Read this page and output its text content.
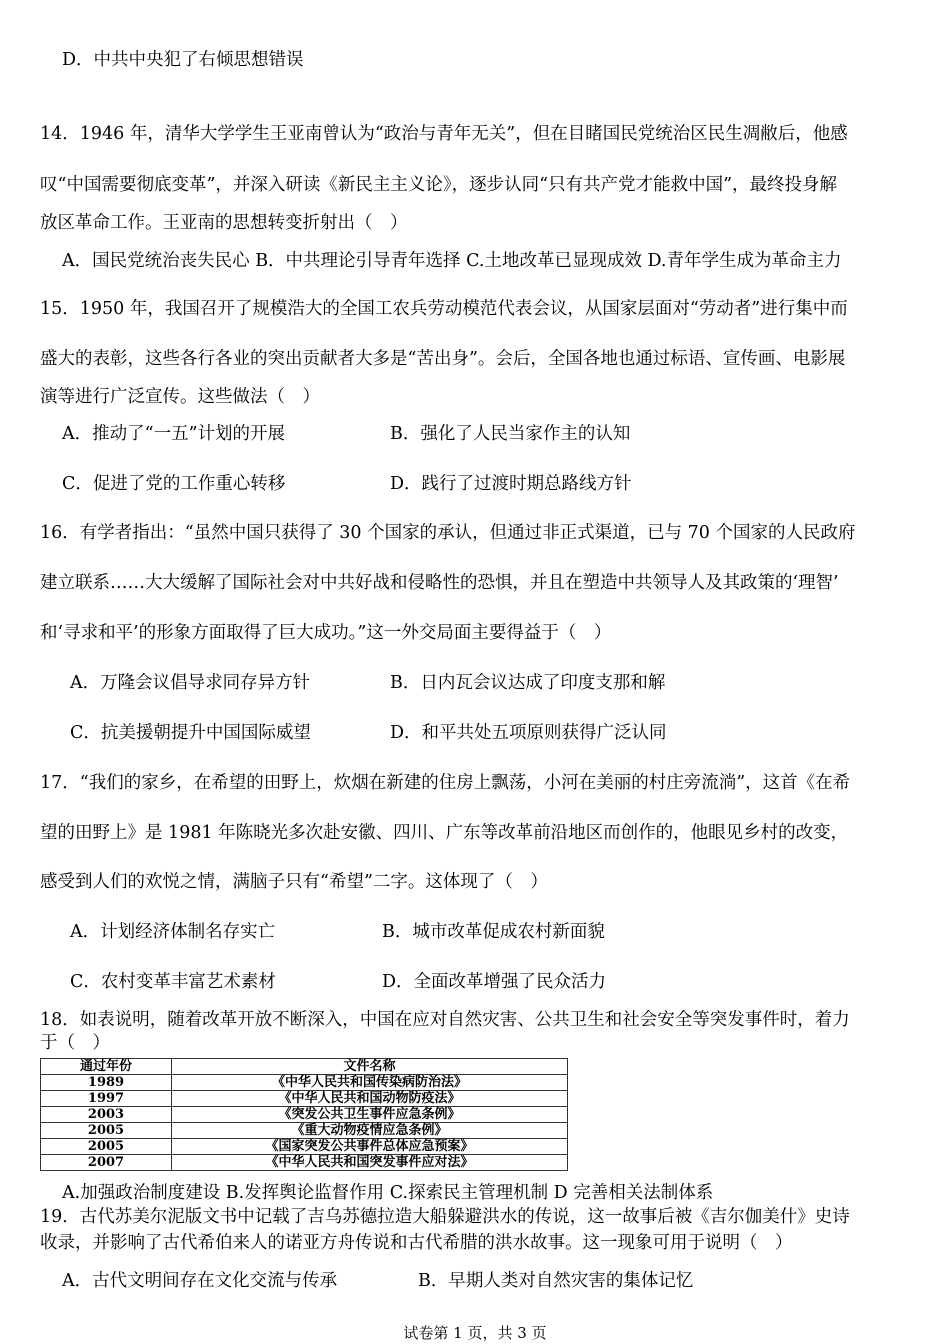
D．中共中央犯了右倾思想错误
14．1946 年，清华大学学生王亚南曾认为“政治与青年无关”，但在目睹国民党统治区民生凋敝后，他感
叹“中国需要彻底变革”，并深入研读《新民主主义论》，逐步认同“只有共产党才能救中国”，最终投身解
放区革命工作。王亚南的思想转变折射出（　）
A．国民党统治丧失民心 B．中共理论引导青年选择 C.土地改革已显现成效 D.青年学生成为革命主力
15．1950 年，我国召开了规模浩大的全国工农兵劳动模范代表会议，从国家层面对“劳动者”进行集中而
盛大的表彰，这些各行各业的突出贡献者大多是“苦出身”。会后，全国各地也通过标语、宣传画、电影展
演等进行广泛宣传。这些做法（　）
A．推动了“一五”计划的开展	B．强化了人民当家作主的认知
C．促进了党的工作重心转移	D．践行了过渡时期总路线方针
16．有学者指出：“虽然中国只获得了 30 个国家的承认，但通过非正式渠道，已与 70 个国家的人民政府
建立联系……大大缓解了国际社会对中共好战和侵略性的恐惧，并且在塑造中共领导人及其政策的‘理智’
和‘寻求和平’的形象方面取得了巨大成功。”这一外交局面主要得益于（　）
A．万隆会议倡导求同存异方针	B．日内瓦会议达成了印度支那和解
C．抗美援朝提升中国国际威望	D．和平共处五项原则获得广泛认同
17．“我们的家乡，在希望的田野上，炊烟在新建的住房上飘荡，小河在美丽的村庄旁流淌”，这首《在希
望的田野上》是 1981 年陈晓光多次赴安徽、四川、广东等改革前沿地区而创作的，他眼见乡村的改变，
感受到人们的欢悦之情，满脑子只有“希望”二字。这体现了（　）
A．计划经济体制名存实亡	B．城市改革促成农村新面貌
C．农村变革丰富艺术素材	D．全面改革增强了民众活力
18．如表说明，随着改革开放不断深入，中国在应对自然灾害、公共卫生和社会安全等突发事件时，着力
于（　）
通过年份	文件名称
1989	《中华人民共和国传染病防治法》
1997	《中华人民共和国动物防疫法》
2003	《突发公共卫生事件应急条例》
2005	《重大动物疫情应急条例》
2005	《国家突发公共事件总体应急预案》
2007	《中华人民共和国突发事件应对法》
A.加强政治制度建设 B.发挥舆论监督作用 C.探索民主管理机制 D 完善相关法制体系
19．古代苏美尔泥版文书中记载了吉乌苏德拉造大船躲避洪水的传说，这一故事后被《吉尔伽美什》史诗
收录，并影响了古代希伯来人的诺亚方舟传说和古代希腊的洪水故事。这一现象可用于说明（　）
A．古代文明间存在文化交流与传承	B．早期人类对自然灾害的集体记忆
试卷第 1 页，共 3 页
